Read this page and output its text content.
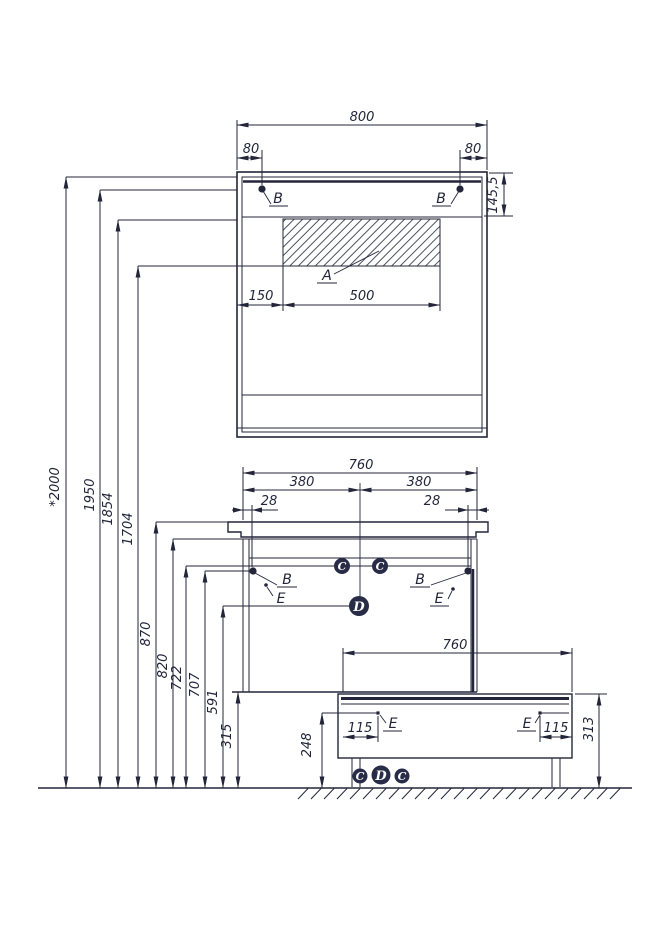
B	B
A
800
80	80
145,5
150	500
B	B
E	E
C	C
D
760
380	380
28	28
E	E
C D C
760
115	115 313
248
*2000 1950 1854
1704
870
820 722 707
591
315
